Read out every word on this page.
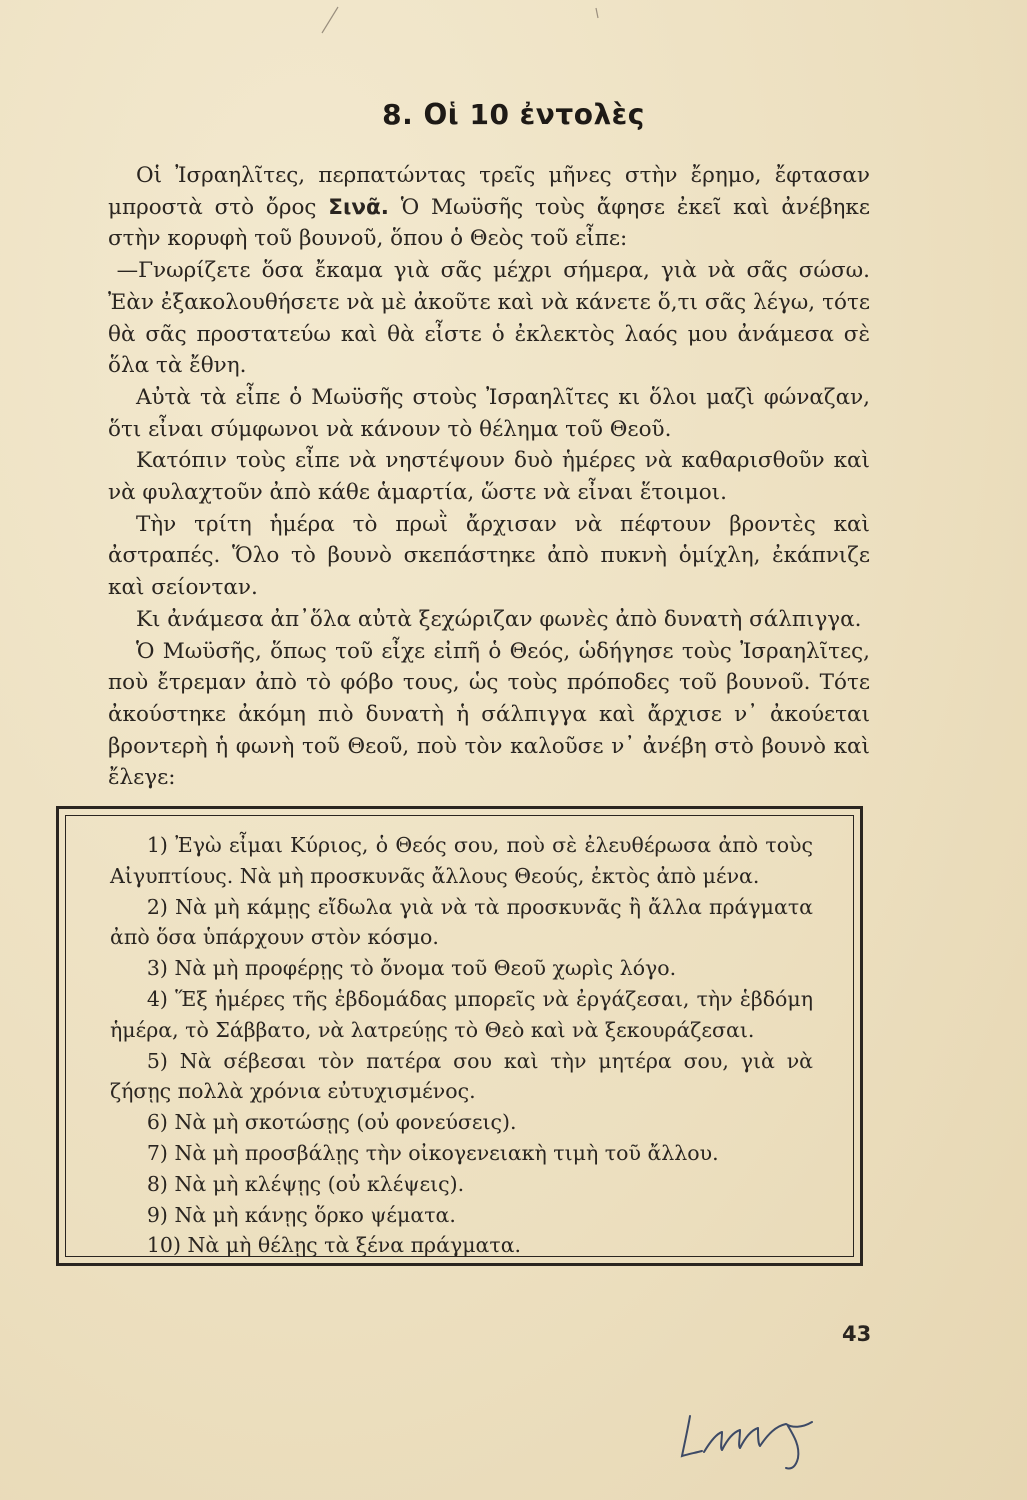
8. Οἱ 10 ἐντολὲς

Οἱ Ἰσραηλῖτες, περπατώντας τρεῖς μῆνες στὴν ἔρημο, ἔφτασαν μπροστὰ στὸ ὄρος Σινᾶ. Ὁ Μωϋσῆς τοὺς ἄφησε ἐκεῖ καὶ ἀνέβηκε στὴν κορυφὴ τοῦ βουνοῦ, ὅπου ὁ Θεὸς τοῦ εἶπε:

—Γνωρίζετε ὅσα ἔκαμα γιὰ σᾶς μέχρι σήμερα, γιὰ νὰ σᾶς σώσω. Ἐὰν ἐξακολουθήσετε νὰ μὲ ἀκοῦτε καὶ νὰ κάνετε ὅ,τι σᾶς λέγω, τότε θὰ σᾶς προστατεύω καὶ θὰ εἶστε ὁ ἐκλεκτὸς λαός μου ἀνάμεσα σὲ ὅλα τὰ ἔθνη.

Αὐτὰ τὰ εἶπε ὁ Μωϋσῆς στοὺς Ἰσραηλῖτες κι ὅλοι μαζὶ φώναζαν, ὅτι εἶναι σύμφωνοι νὰ κάνουν τὸ θέλημα τοῦ Θεοῦ.

Κατόπιν τοὺς εἶπε νὰ νηστέψουν δυὸ ἡμέρες νὰ καθαρισθοῦν καὶ νὰ φυλαχτοῦν ἀπὸ κάθε ἁμαρτία, ὥστε νὰ εἶναι ἕτοιμοι.

Τὴν τρίτη ἡμέρα τὸ πρωῒ ἄρχισαν νὰ πέφτουν βροντὲς καὶ ἀστραπές. Ὅλο τὸ βουνὸ σκεπάστηκε ἀπὸ πυκνὴ ὁμίχλη, ἐκάπνιζε καὶ σείονταν.

Κι ἀνάμεσα ἀπ᾿ὅλα αὐτὰ ξεχώριζαν φωνὲς ἀπὸ δυνατὴ σάλπιγγα.

Ὁ Μωϋσῆς, ὅπως τοῦ εἶχε εἰπῆ ὁ Θεός, ὡδήγησε τοὺς Ἰσραηλῖτες, ποὺ ἔτρεμαν ἀπὸ τὸ φόβο τους, ὡς τοὺς πρόποδες τοῦ βουνοῦ. Τότε ἀκούστηκε ἀκόμη πιὸ δυνατὴ ἡ σάλπιγγα καὶ ἄρχισε ν᾿ ἀκούεται βροντερὴ ἡ φωνὴ τοῦ Θεοῦ, ποὺ τὸν καλοῦσε ν᾿ ἀνέβη στὸ βουνὸ καὶ ἔλεγε:

1) Ἐγὼ εἶμαι Κύριος, ὁ Θεός σου, ποὺ σὲ ἐλευθέρωσα ἀπὸ τοὺς Αἰγυπτίους. Νὰ μὴ προσκυνᾶς ἄλλους Θεούς, ἐκτὸς ἀπὸ μένα.

2) Νὰ μὴ κάμῃς εἴδωλα γιὰ νὰ τὰ προσκυνᾶς ἢ ἄλλα πράγματα ἀπὸ ὅσα ὑπάρχουν στὸν κόσμο.

3) Νὰ μὴ προφέρῃς τὸ ὄνομα τοῦ Θεοῦ χωρὶς λόγο.

4) Ἕξ ἡμέρες τῆς ἑβδομάδας μπορεῖς νὰ ἐργάζεσαι, τὴν ἑβδόμη ἡμέρα, τὸ Σάββατο, νὰ λατρεύῃς τὸ Θεὸ καὶ νὰ ξεκουράζεσαι.

5) Νὰ σέβεσαι τὸν πατέρα σου καὶ τὴν μητέρα σου, γιὰ νὰ ζήσῃς πολλὰ χρόνια εὐτυχισμένος.

6) Νὰ μὴ σκοτώσῃς (οὐ φονεύσεις).

7) Νὰ μὴ προσβάλῃς τὴν οἰκογενειακὴ τιμὴ τοῦ ἄλλου.

8) Νὰ μὴ κλέψῃς (οὐ κλέψεις).

9) Νὰ μὴ κάνῃς ὅρκο ψέματα.

10) Νὰ μὴ θέλῃς τὰ ξένα πράγματα.

43
